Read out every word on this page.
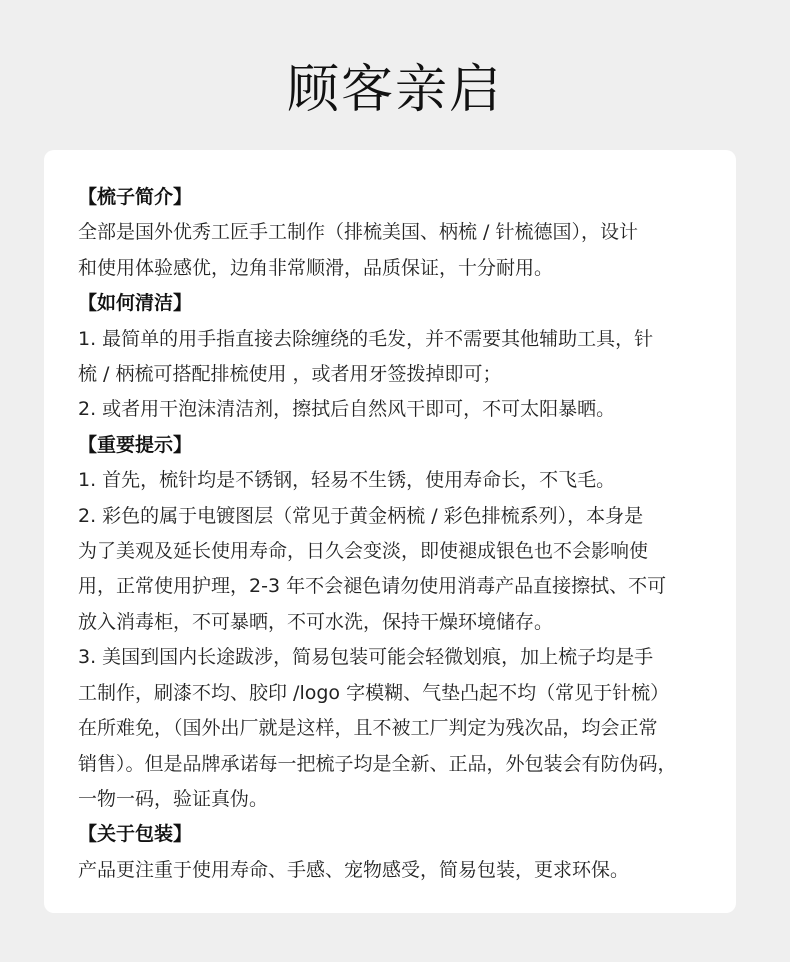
顾客亲启
【梳子简介】
全部是国外优秀工匠手工制作（排梳美国、柄梳 / 针梳德国），设计
和使用体验感优，边角非常顺滑，品质保证，十分耐用。
【如何清洁】
1. 最简单的用手指直接去除缠绕的毛发，并不需要其他辅助工具，针
梳 / 柄梳可搭配排梳使用 ，或者用牙签拨掉即可；
2. 或者用干泡沫清洁剂，擦拭后自然风干即可，不可太阳暴晒。
【重要提示】
1. 首先，梳针均是不锈钢，轻易不生锈，使用寿命长，不飞毛。
2. 彩色的属于电镀图层（常见于黄金柄梳 / 彩色排梳系列），本身是
为了美观及延长使用寿命，日久会变淡，即使褪成银色也不会影响使
用，正常使用护理，2-3 年不会褪色请勿使用消毒产品直接擦拭、不可
放入消毒柜，不可暴晒，不可水洗，保持干燥环境储存。
3. 美国到国内长途跋涉，简易包装可能会轻微划痕，加上梳子均是手
工制作，刷漆不均、胶印 /logo 字模糊、气垫凸起不均（常见于针梳）
在所难免，（国外出厂就是这样，且不被工厂判定为残次品，均会正常
销售）。但是品牌承诺每一把梳子均是全新、正品，外包装会有防伪码，
一物一码，验证真伪。
【关于包装】
产品更注重于使用寿命、手感、宠物感受，简易包装，更求环保。
